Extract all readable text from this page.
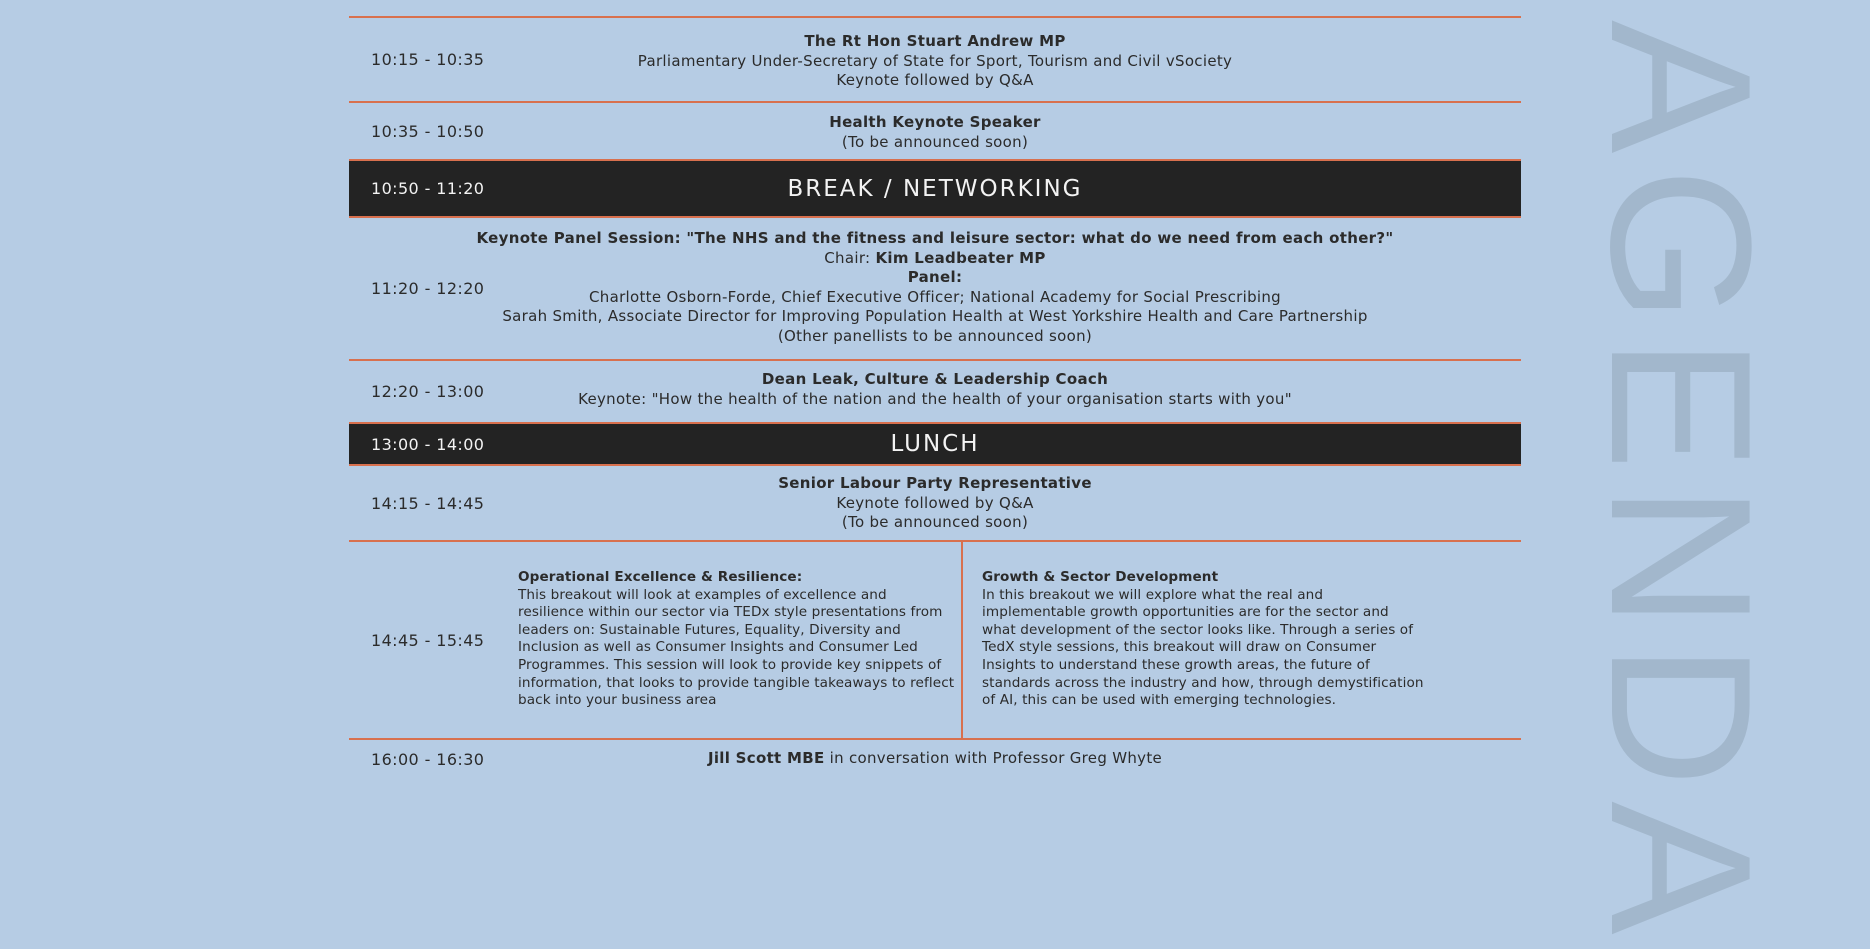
AGENDA
10:15 - 10:35
The Rt Hon Stuart Andrew MP
Parliamentary Under-Secretary of State for Sport, Tourism and Civil vSociety
Keynote followed by Q&A
10:35 - 10:50	Health Keynote Speaker
(To be announced soon)
10:50 - 11:20	BREAK / NETWORKING
11:20 - 12:20
Keynote Panel Session: "The NHS and the fitness and leisure sector: what do we need from each other?"
Chair: Kim Leadbeater MP
Panel:
Charlotte Osborn-Forde, Chief Executive Officer; National Academy for Social Prescribing
Sarah Smith, Associate Director for Improving Population Health at West Yorkshire Health and Care Partnership
(Other panellists to be announced soon)
12:20 - 13:00
Dean Leak, Culture & Leadership Coach
Keynote: "How the health of the nation and the health of your organisation starts with you"
13:00 - 14:00	LUNCH
14:15 - 14:45
Senior Labour Party Representative
Keynote followed by Q&A
(To be announced soon)
14:45 - 15:45
Operational Excellence & Resilience:
This breakout will look at examples of excellence and
resilience within our sector via TEDx style presentations from
leaders on: Sustainable Futures, Equality, Diversity and
Inclusion as well as Consumer Insights and Consumer Led
Programmes. This session will look to provide key snippets of
information, that looks to provide tangible takeaways to reflect
back into your business area
Growth & Sector Development
In this breakout we will explore what the real and
implementable growth opportunities are for the sector and
what development of the sector looks like. Through a series of
TedX style sessions, this breakout will draw on Consumer
Insights to understand these growth areas, the future of
standards across the industry and how, through demystification
of AI, this can be used with emerging technologies.
16:00 - 16:30	Jill Scott MBE in conversation with Professor Greg Whyte
